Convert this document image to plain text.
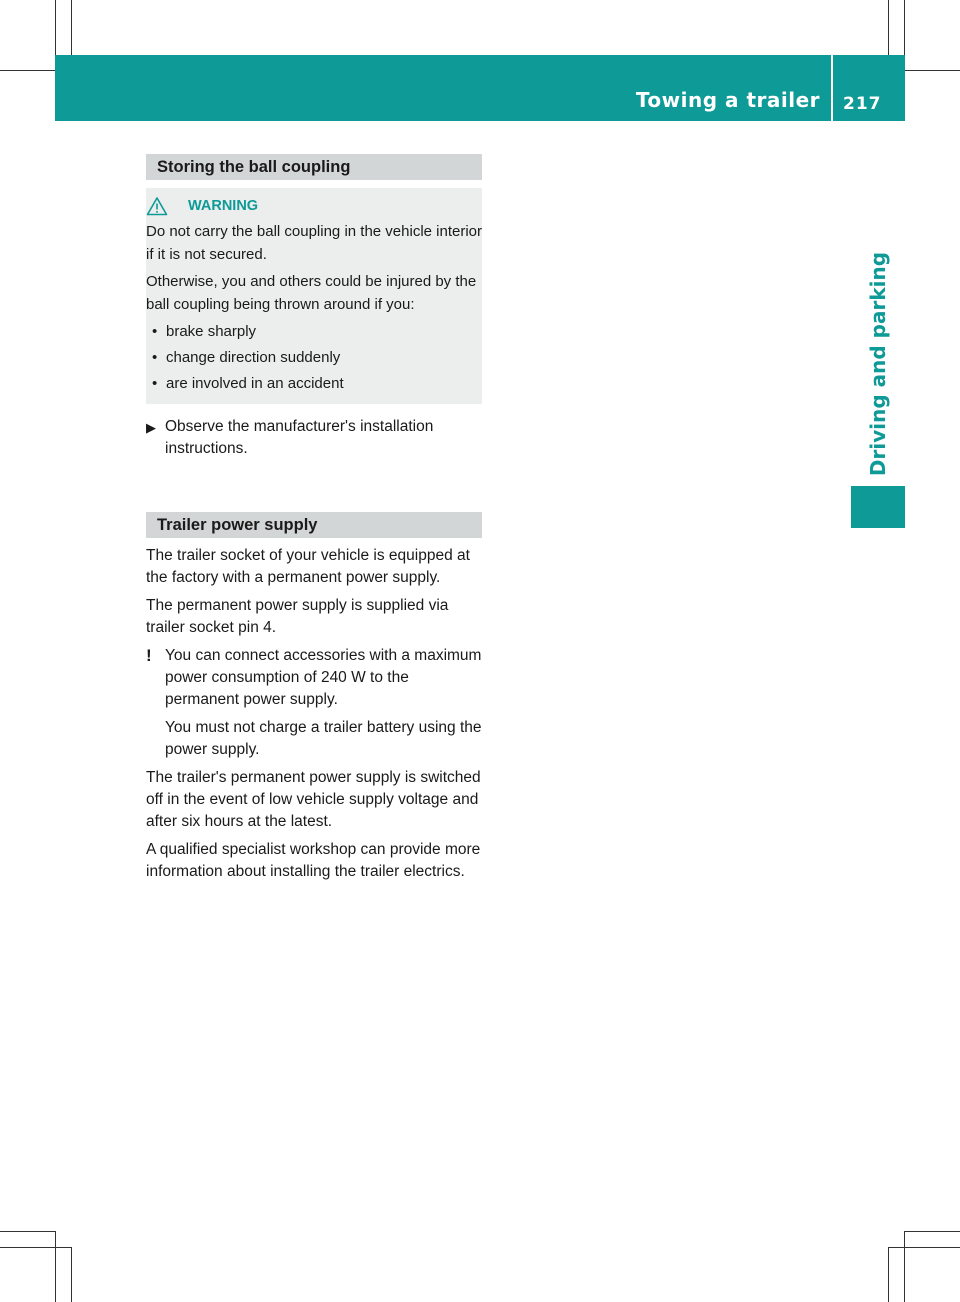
Towing a trailer 217
Driving and parking
Storing the ball coupling
WARNING

Do not carry the ball coupling in the vehicle interior if it is not secured.

Otherwise, you and others could be injured by the ball coupling being thrown around if you:

• brake sharply
• change direction suddenly
• are involved in an accident
▶ Observe the manufacturer's installation instructions.
Trailer power supply

The trailer socket of your vehicle is equipped at the factory with a permanent power supply.

The permanent power supply is supplied via trailer socket pin 4.

! You can connect accessories with a maximum power consumption of 240 W to the permanent power supply.

You must not charge a trailer battery using the power supply.

The trailer's permanent power supply is switched off in the event of low vehicle supply voltage and after six hours at the latest.

A qualified specialist workshop can provide more information about installing the trailer electrics.
